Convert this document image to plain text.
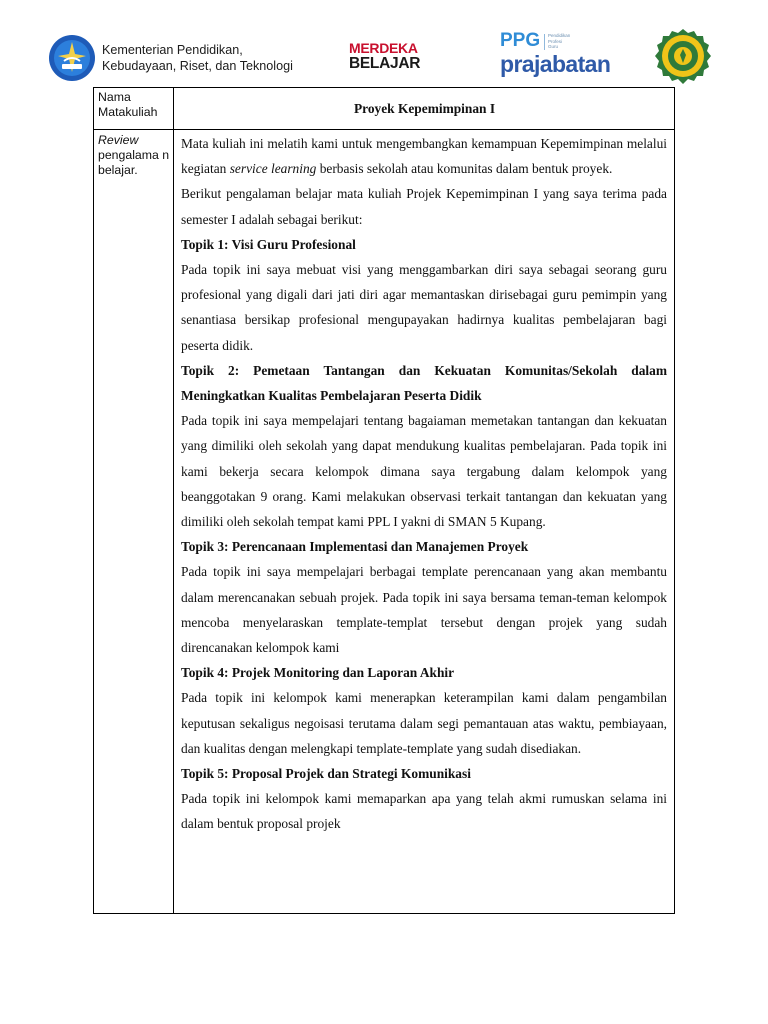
Kementerian Pendidikan,
Kebudayaan, Riset, dan Teknologi
MERDEKA
BELAJAR
PPG Pendidikan
Profesi
Guru
prajabatan
Nama Matakuliah	Proyek Kepemimpinan I
Review pengalama n belajar.

Mata kuliah ini melatih kami untuk mengembangkan kemampuan Kepemimpinan melalui kegiatan service learning berbasis sekolah atau komunitas dalam bentuk proyek.

Berikut pengalaman belajar mata kuliah Projek Kepemimpinan I yang saya terima pada semester I adalah sebagai berikut:

Topik 1: Visi Guru Profesional

Pada topik ini saya mebuat visi yang menggambarkan diri saya sebagai seorang guru profesional yang digali dari jati diri agar memantaskan dirisebagai guru pemimpin yang senantiasa bersikap profesional mengupayakan hadirnya kualitas pembelajaran bagi peserta didik.

Topik 2: Pemetaan Tantangan dan Kekuatan Komunitas/Sekolah dalam Meningkatkan Kualitas Pembelajaran Peserta Didik

Pada topik ini saya mempelajari tentang bagaiaman memetakan tantangan dan kekuatan yang dimiliki oleh sekolah yang dapat mendukung kualitas pembelajaran. Pada topik ini kami bekerja secara kelompok dimana saya tergabung dalam kelompok yang beanggotakan 9 orang. Kami melakukan observasi terkait tantangan dan kekuatan yang dimiliki oleh sekolah tempat kami PPL I yakni di SMAN 5 Kupang.

Topik 3: Perencanaan Implementasi dan Manajemen Proyek

Pada topik ini saya mempelajari berbagai template perencanaan yang akan membantu dalam merencanakan sebuah projek. Pada topik ini saya bersama teman-teman kelompok mencoba menyelaraskan template-templat tersebut dengan projek yang sudah direncanakan kelompok kami

Topik 4: Projek Monitoring dan Laporan Akhir

Pada topik ini kelompok kami menerapkan keterampilan kami dalam pengambilan keputusan sekaligus negoisasi terutama dalam segi pemantauan atas waktu, pembiayaan, dan kualitas dengan melengkapi template-template yang sudah disediakan.

Topik 5: Proposal Projek dan Strategi Komunikasi

Pada topik ini kelompok kami memaparkan apa yang telah akmi rumuskan selama ini dalam bentuk proposal projek
